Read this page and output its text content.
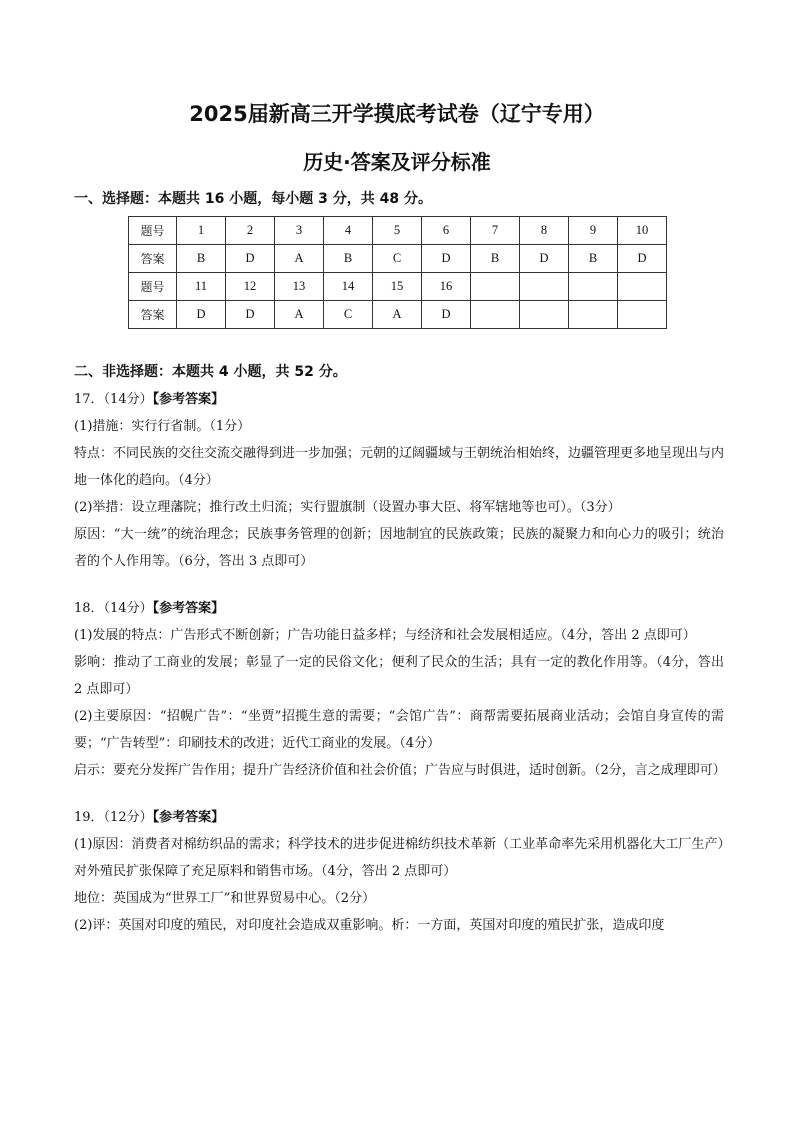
2025届新高三开学摸底考试卷（辽宁专用）
历史·答案及评分标准
一、选择题：本题共 16 小题，每小题 3 分，共 48 分。
题号	1	2	3	4	5	6	7	8	9	10
答案	B	D	A	B	C	D	B	D	B	D
题号	11	12	13	14	15	16				
答案	D	D	A	C	A	D				
二、非选择题：本题共 4 小题，共 52 分。

17．（14分）【参考答案】

(1)措施：实行行省制。（1分）

特点：不同民族的交往交流交融得到进一步加强；元朝的辽阔疆域与王朝统治相始终，边疆管理更多地呈现出与内地一体化的趋向。（4分）

(2)举措：设立理藩院；推行改土归流；实行盟旗制（设置办事大臣、将军辖地等也可）。（3分）

原因：“大一统”的统治理念；民族事务管理的创新；因地制宜的民族政策；民族的凝聚力和向心力的吸引；统治者的个人作用等。（6分，答出 3 点即可）

18．（14分）【参考答案】

(1)发展的特点：广告形式不断创新；广告功能日益多样；与经济和社会发展相适应。（4分，答出 2 点即可）

影响：推动了工商业的发展；彰显了一定的民俗文化；便利了民众的生活；具有一定的教化作用等。（4分，答出 2 点即可）

(2)主要原因：“招幌广告”：“坐贾”招揽生意的需要；“会馆广告”：商帮需要拓展商业活动；会馆自身宣传的需要；“广告转型”：印刷技术的改进；近代工商业的发展。（4分）

启示：要充分发挥广告作用；提升广告经济价值和社会价值；广告应与时俱进，适时创新。（2分，言之成理即可）

19．（12分）【参考答案】

(1)原因：消费者对棉纺织品的需求；科学技术的进步促进棉纺织技术革新（工业革命率先采用机器化大工厂生产）对外殖民扩张保障了充足原料和销售市场。（4分，答出 2 点即可）

地位：英国成为“世界工厂”和世界贸易中心。（2分）

(2)评：英国对印度的殖民，对印度社会造成双重影响。析：一方面，英国对印度的殖民扩张，造成印度
